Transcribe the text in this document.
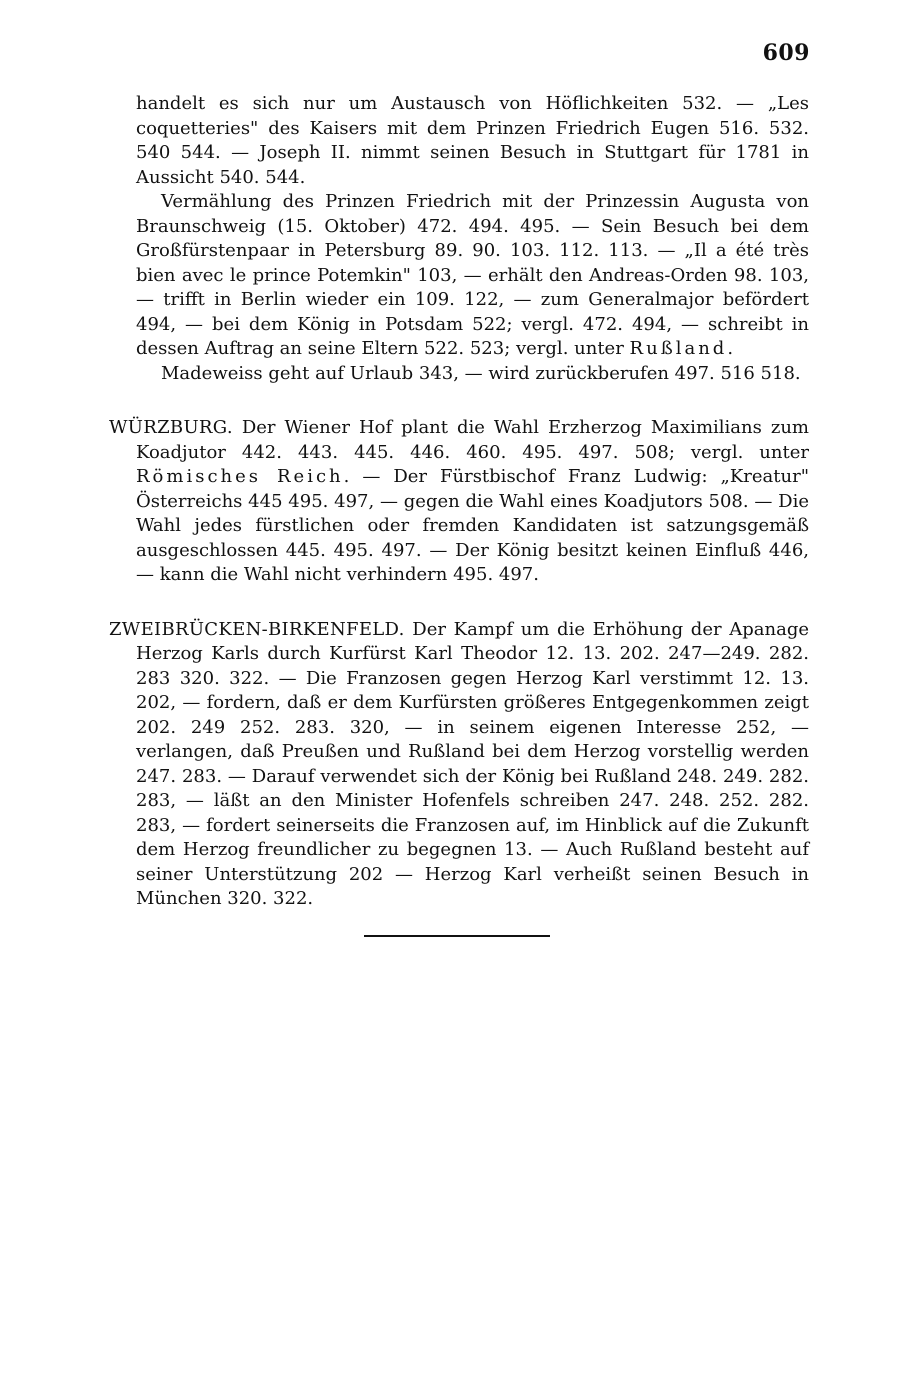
609

handelt es sich nur um Austausch von Höflichkeiten 532. — „Les coquetteries" des Kaisers mit dem Prinzen Friedrich Eugen 516. 532. 540 544. — Joseph II. nimmt seinen Besuch in Stuttgart für 1781 in Aussicht 540. 544.

Vermählung des Prinzen Friedrich mit der Prinzessin Augusta von Braunschweig (15. Oktober) 472. 494. 495. — Sein Besuch bei dem Großfürstenpaar in Petersburg 89. 90. 103. 112. 113. — „Il a été très bien avec le prince Potemkin" 103, — erhält den Andreas-Orden 98. 103, — trifft in Berlin wieder ein 109. 122, — zum Generalmajor befördert 494, — bei dem König in Potsdam 522; vergl. 472. 494, — schreibt in dessen Auftrag an seine Eltern 522. 523; vergl. unter Rußland.

Madeweiss geht auf Urlaub 343, — wird zurückberufen 497. 516 518.

WÜRZBURG. Der Wiener Hof plant die Wahl Erzherzog Maximilians zum Koadjutor 442. 443. 445. 446. 460. 495. 497. 508; vergl. unter Römisches Reich. — Der Fürstbischof Franz Ludwig: „Kreatur" Österreichs 445 495. 497, — gegen die Wahl eines Koadjutors 508. — Die Wahl jedes fürstlichen oder fremden Kandidaten ist satzungsgemäß ausgeschlossen 445. 495. 497. — Der König besitzt keinen Einfluß 446, — kann die Wahl nicht verhindern 495. 497.

ZWEIBRÜCKEN-BIRKENFELD. Der Kampf um die Erhöhung der Apanage Herzog Karls durch Kurfürst Karl Theodor 12. 13. 202. 247—249. 282. 283 320. 322. — Die Franzosen gegen Herzog Karl verstimmt 12. 13. 202, — fordern, daß er dem Kurfürsten größeres Entgegenkommen zeigt 202. 249 252. 283. 320, — in seinem eigenen Interesse 252, — verlangen, daß Preußen und Rußland bei dem Herzog vorstellig werden 247. 283. — Darauf verwendet sich der König bei Rußland 248. 249. 282. 283, — läßt an den Minister Hofenfels schreiben 247. 248. 252. 282. 283, — fordert seinerseits die Franzosen auf, im Hinblick auf die Zukunft dem Herzog freundlicher zu begegnen 13. — Auch Rußland besteht auf seiner Unterstützung 202 — Herzog Karl verheißt seinen Besuch in München 320. 322.
